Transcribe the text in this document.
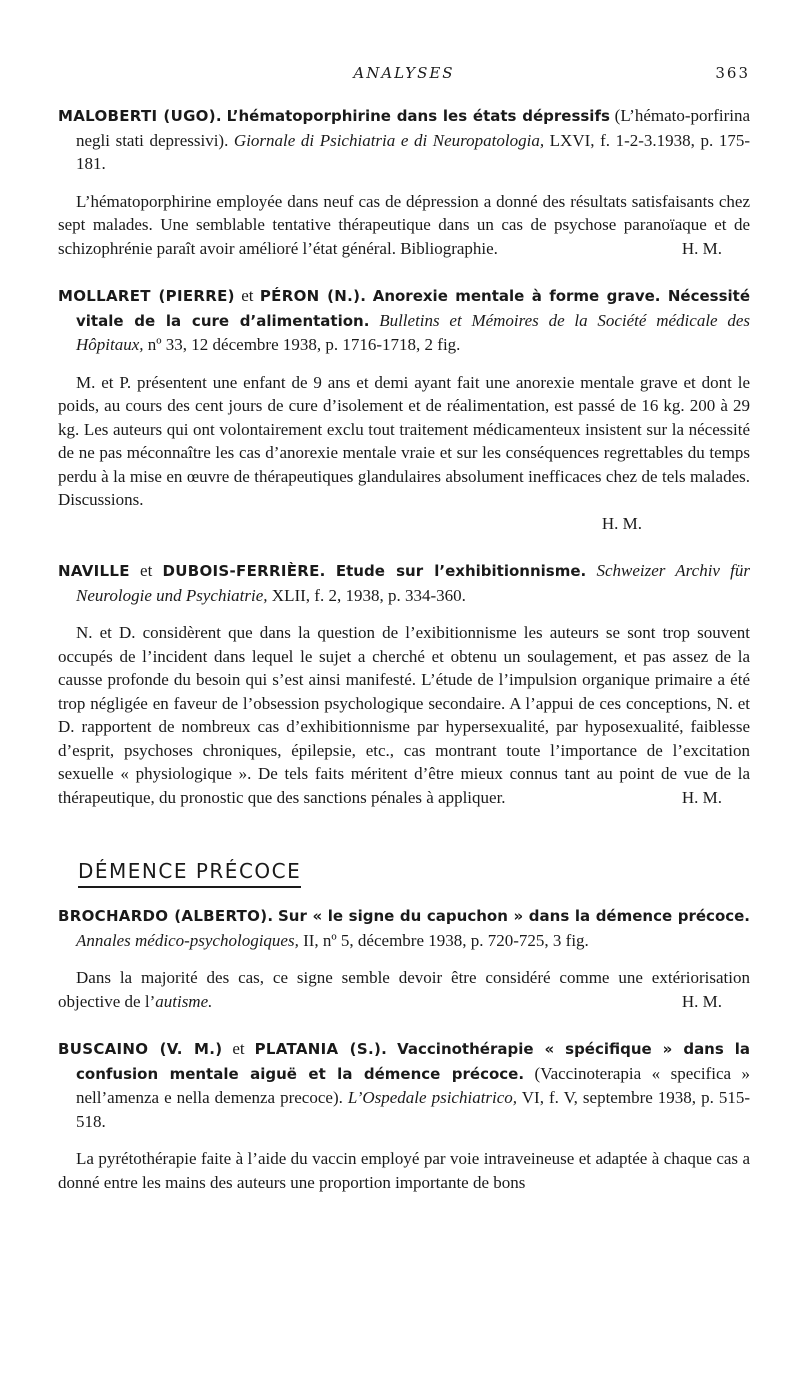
ANALYSES	363

MALOBERTI (UGO). L’hématoporphirine dans les états dépressifs (L’hémato-porfirina negli stati depressivi). Giornale di Psichiatria e di Neuropatologia, LXVI, f. 1-2-3.1938, p. 175-181.

L’hématoporphirine employée dans neuf cas de dépression a donné des résultats satisfaisants chez sept malades. Une semblable tentative thérapeutique dans un cas de psychose paranoïaque et de schizophrénie paraît avoir amélioré l’état général. Bibliographie.	H. M.

MOLLARET (PIERRE) et PÉRON (N.). Anorexie mentale à forme grave. Nécessité vitale de la cure d’alimentation. Bulletins et Mémoires de la Société médicale des Hôpitaux, nº 33, 12 décembre 1938, p. 1716-1718, 2 fig.

M. et P. présentent une enfant de 9 ans et demi ayant fait une anorexie mentale grave et dont le poids, au cours des cent jours de cure d’isolement et de réalimentation, est passé de 16 kg. 200 à 29 kg. Les auteurs qui ont volontairement exclu tout traitement médicamenteux insistent sur la nécessité de ne pas méconnaître les cas d’anorexie mentale vraie et sur les conséquences regrettables du temps perdu à la mise en œuvre de thérapeutiques glandulaires absolument inefficaces chez de tels malades. Discussions.

H. M.

NAVILLE et DUBOIS-FERRIÈRE. Etude sur l’exhibitionnisme. Schweizer Archiv für Neurologie und Psychiatrie, XLII, f. 2, 1938, p. 334-360.

N. et D. considèrent que dans la question de l’exibitionnisme les auteurs se sont trop souvent occupés de l’incident dans lequel le sujet a cherché et obtenu un soulagement, et pas assez de la causse profonde du besoin qui s’est ainsi manifesté. L’étude de l’impulsion organique primaire a été trop négligée en faveur de l’obsession psychologique secondaire. A l’appui de ces conceptions, N. et D. rapportent de nombreux cas d’exhibitionnisme par hypersexualité, par hyposexualité, faiblesse d’esprit, psychoses chroniques, épilepsie, etc., cas montrant toute l’importance de l’excitation sexuelle « physiologique ». De tels faits méritent d’être mieux connus tant au point de vue de la thérapeutique, du pronostic que des sanctions pénales à appliquer.	H. M.

DÉMENCE PRÉCOCE

BROCHARDO (ALBERTO). Sur « le signe du capuchon » dans la démence précoce. Annales médico-psychologiques, II, nº 5, décembre 1938, p. 720-725, 3 fig.

Dans la majorité des cas, ce signe semble devoir être considéré comme une extériorisation objective de l’autisme.	H. M.

BUSCAINO (V. M.) et PLATANIA (S.). Vaccinothérapie « spécifique » dans la confusion mentale aiguë et la démence précoce. (Vaccinoterapia « specifica » nell’amenza e nella demenza precoce). L’Ospedale psichiatrico, VI, f. V, septembre 1938, p. 515-518.

La pyrétothérapie faite à l’aide du vaccin employé par voie intraveineuse et adaptée à chaque cas a donné entre les mains des auteurs une proportion importante de bons
